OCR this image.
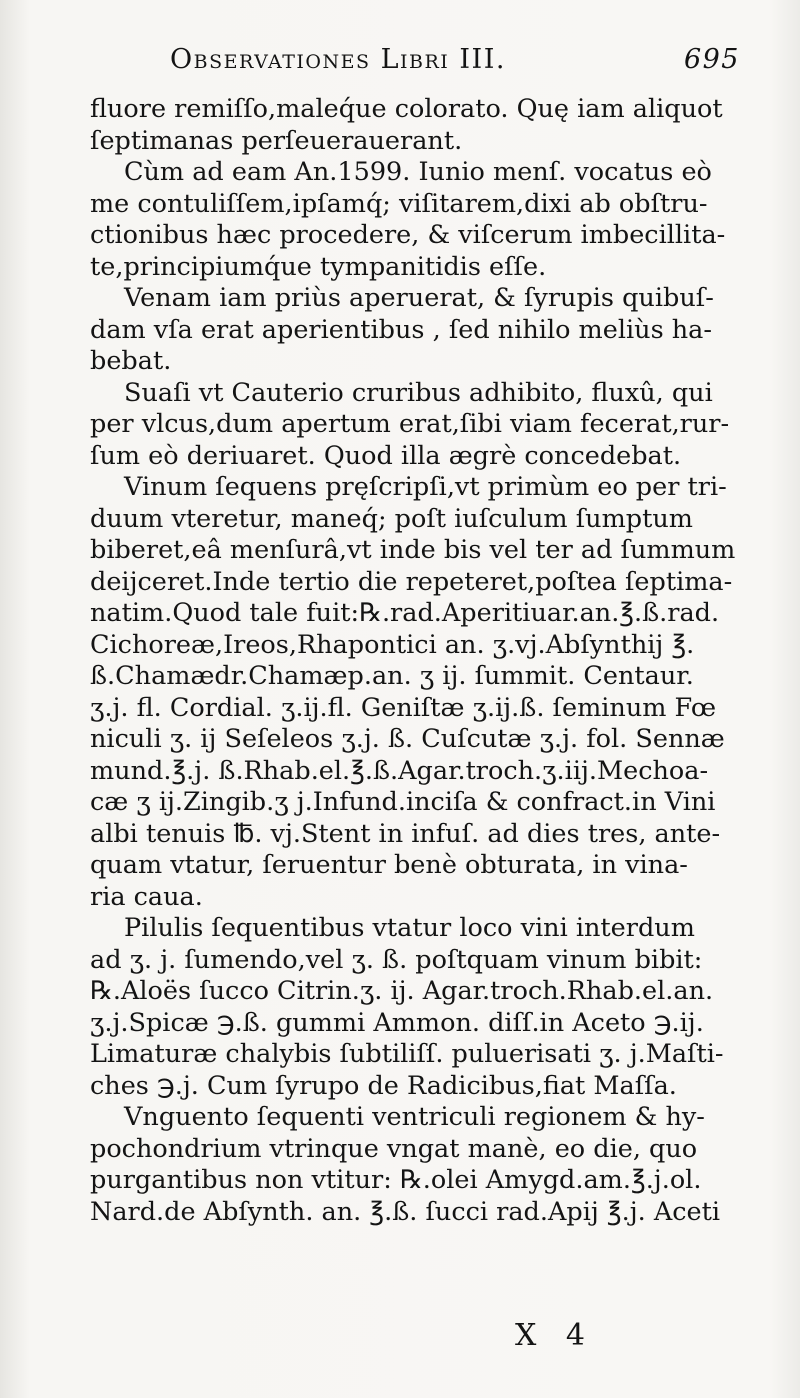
Observationes Libri III.	695
fluore remiſſo,maleq́ue colorato. Quę iam aliquot
ſeptimanas perſeuerauerant.
Cùm ad eam An.1599. Iunio menſ. vocatus eò
me contuliſſem,ipſamq́; viſitarem,dixi ab obſtru-
ctionibus hæc procedere, & viſcerum imbecillita-
te,principiumq́ue tympanitidis eſſe.
Venam iam priùs aperuerat, & ſyrupis quibuſ-
dam vſa erat aperientibus , ſed nihilo meliùs ha-
bebat.
Suaſi vt Cauterio cruribus adhibito, fluxû, qui
per vlcus,dum apertum erat,ſibi viam fecerat,rur-
ſum eò deriuaret. Quod illa ægrè concedebat.
Vinum ſequens pręſcripſi,vt primùm eo per tri-
duum vteretur, maneq́; poſt iuſculum ſumptum
biberet,eâ menſurâ,vt inde bis vel ter ad ſummum
deijceret.Inde tertio die repeteret,poſtea ſeptima-
natim.Quod tale fuit:℞.rad.Aperitiuar.an.℥.ß.rad.
Cichoreæ,Ireos,Rhapontici an. ʒ.vj.Abſynthij ℥.
ß.Chamædr.Chamæp.an. ʒ ij. ſummit. Centaur.
ʒ.j. fl. Cordial. ʒ.ij.fl. Geniſtæ ʒ.ij.ß. ſeminum Fœ
niculi ʒ. ij Seſeleos ʒ.j. ß. Cuſcutæ ʒ.j. fol. Sennæ
mund.℥.j. ß.Rhab.el.℥.ß.Agar.troch.ʒ.iij.Mechoa-
cæ ʒ ij.Zingib.ʒ j.Infund.inciſa & confract.in Vini
albi tenuis ℔. vj.Stent in infuſ. ad dies tres, ante-
quam vtatur, ſeruentur benè obturata, in vina-
ria caua.
Pilulis ſequentibus vtatur loco vini interdum
ad ʒ. j. ſumendo,vel ʒ. ß. poſtquam vinum bibit:
℞.Aloës ſucco Citrin.ʒ. ij. Agar.troch.Rhab.el.an.
ʒ.j.Spicæ ℈.ß. gummi Ammon. diſſ.in Aceto ℈.ij.
Limaturæ chalybis ſubtiliſſ. puluerisati ʒ. j.Maſti-
ches ℈.j. Cum ſyrupo de Radicibus,fiat Maſſa.
Vnguento ſequenti ventriculi regionem & hy-
pochondrium vtrinque vngat manè, eo die, quo
purgantibus non vtitur: ℞.olei Amygd.am.℥.j.ol.
Nard.de Abſynth. an. ℥.ß. ſucci rad.Apij ℥.j. Aceti
X 4
